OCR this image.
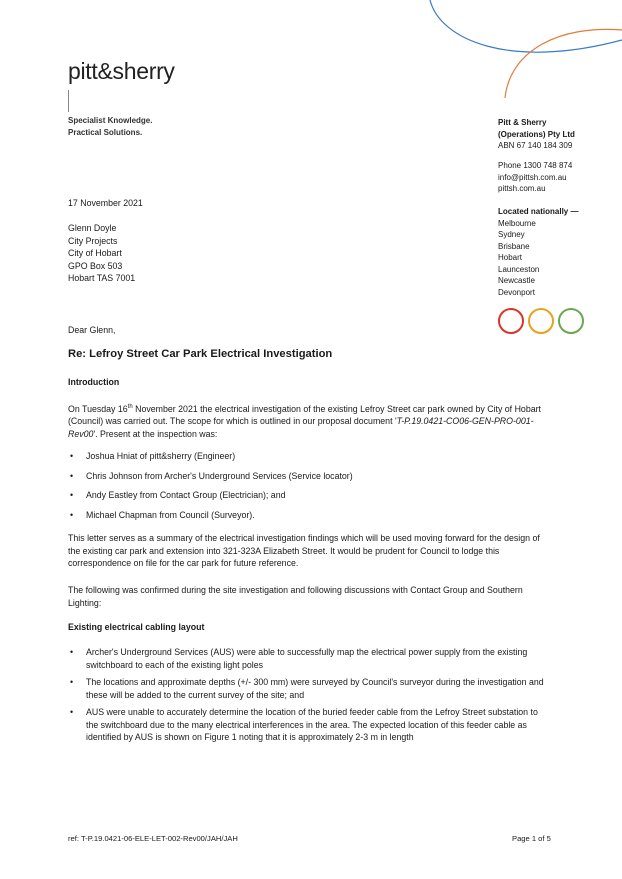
pitt&sherry
Specialist Knowledge.
Practical Solutions.
Pitt & Sherry
(Operations) Pty Ltd
ABN 67 140 184 309
Phone 1300 748 874
info@pittsh.com.au
pittsh.com.au
Located nationally —
Melbourne
Sydney
Brisbane
Hobart
Launceston
Newcastle
Devonport
17 November 2021
Glenn Doyle
City Projects
City of Hobart
GPO Box 503
Hobart TAS 7001
Dear Glenn,
Re: Lefroy Street Car Park Electrical Investigation
Introduction
On Tuesday 16th November 2021 the electrical investigation of the existing Lefroy Street car park owned by City of Hobart (Council) was carried out. The scope for which is outlined in our proposal document 'T-P.19.0421-CO06-GEN-PRO-001-Rev00'. Present at the inspection was:
• Joshua Hniat of pitt&sherry (Engineer)
• Chris Johnson from Archer's Underground Services (Service locator)
• Andy Eastley from Contact Group (Electrician); and
• Michael Chapman from Council (Surveyor).
This letter serves as a summary of the electrical investigation findings which will be used moving forward for the design of the existing car park and extension into 321-323A Elizabeth Street. It would be prudent for Council to lodge this correspondence on file for the car park for future reference.
The following was confirmed during the site investigation and following discussions with Contact Group and Southern Lighting:
Existing electrical cabling layout
• Archer's Underground Services (AUS) were able to successfully map the electrical power supply from the existing switchboard to each of the existing light poles
• The locations and approximate depths (+/- 300 mm) were surveyed by Council's surveyor during the investigation and these will be added to the current survey of the site; and
• AUS were unable to accurately determine the location of the buried feeder cable from the Lefroy Street substation to the switchboard due to the many electrical interferences in the area. The expected location of this feeder cable as identified by AUS is shown on Figure 1 noting that it is approximately 2-3 m in length
ref: T-P.19.0421-06-ELE-LET-002-Rev00/JAH/JAH	Page 1 of 5
